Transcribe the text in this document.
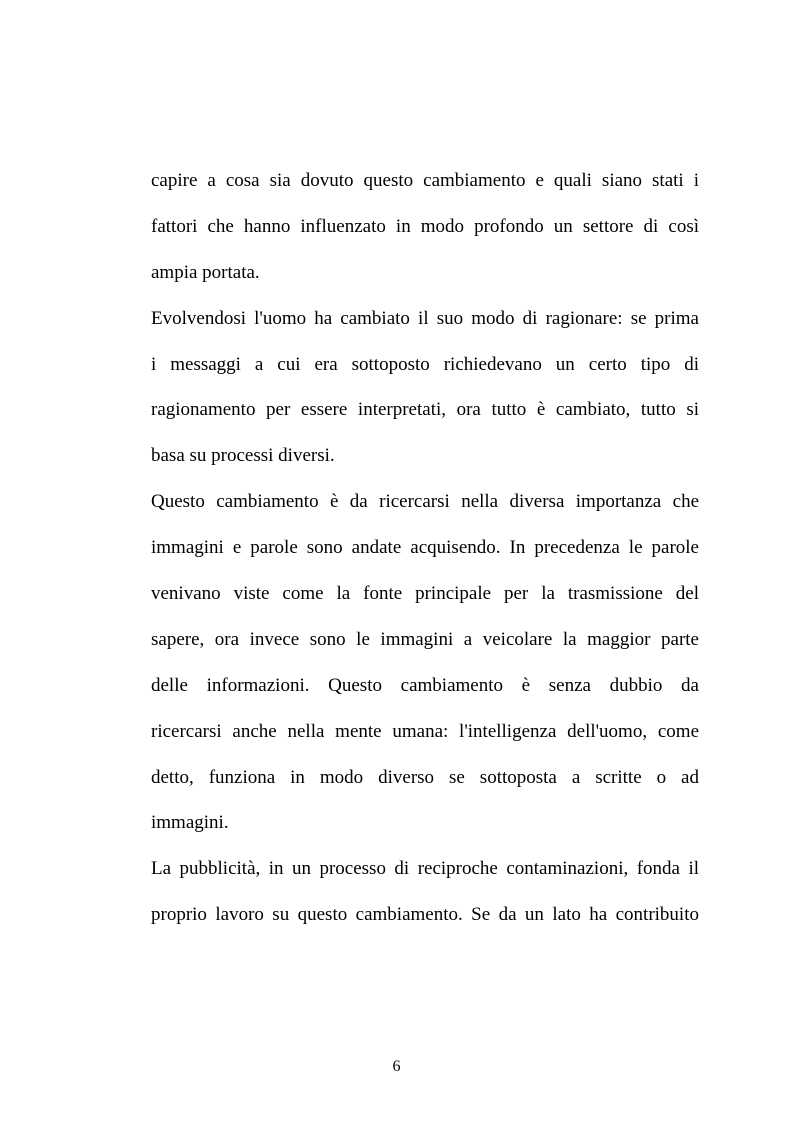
capire a cosa sia dovuto questo cambiamento e quali siano stati i
fattori che hanno influenzato in modo profondo un settore di così
ampia portata.
Evolvendosi l'uomo ha cambiato il suo modo di ragionare: se prima
i messaggi a cui era sottoposto richiedevano un certo tipo di
ragionamento per essere interpretati, ora tutto è cambiato, tutto si
basa su processi diversi.
Questo cambiamento è da ricercarsi nella diversa importanza che
immagini e parole sono andate acquisendo. In precedenza le parole
venivano viste come la fonte principale per la trasmissione del
sapere, ora invece sono le immagini a veicolare la maggior parte
delle informazioni. Questo cambiamento è senza dubbio da
ricercarsi anche nella mente umana: l'intelligenza dell'uomo, come
detto, funziona in modo diverso se sottoposta a scritte o ad
immagini.
La pubblicità, in un processo di reciproche contaminazioni, fonda il
proprio lavoro su questo cambiamento. Se da un lato ha contribuito
6
